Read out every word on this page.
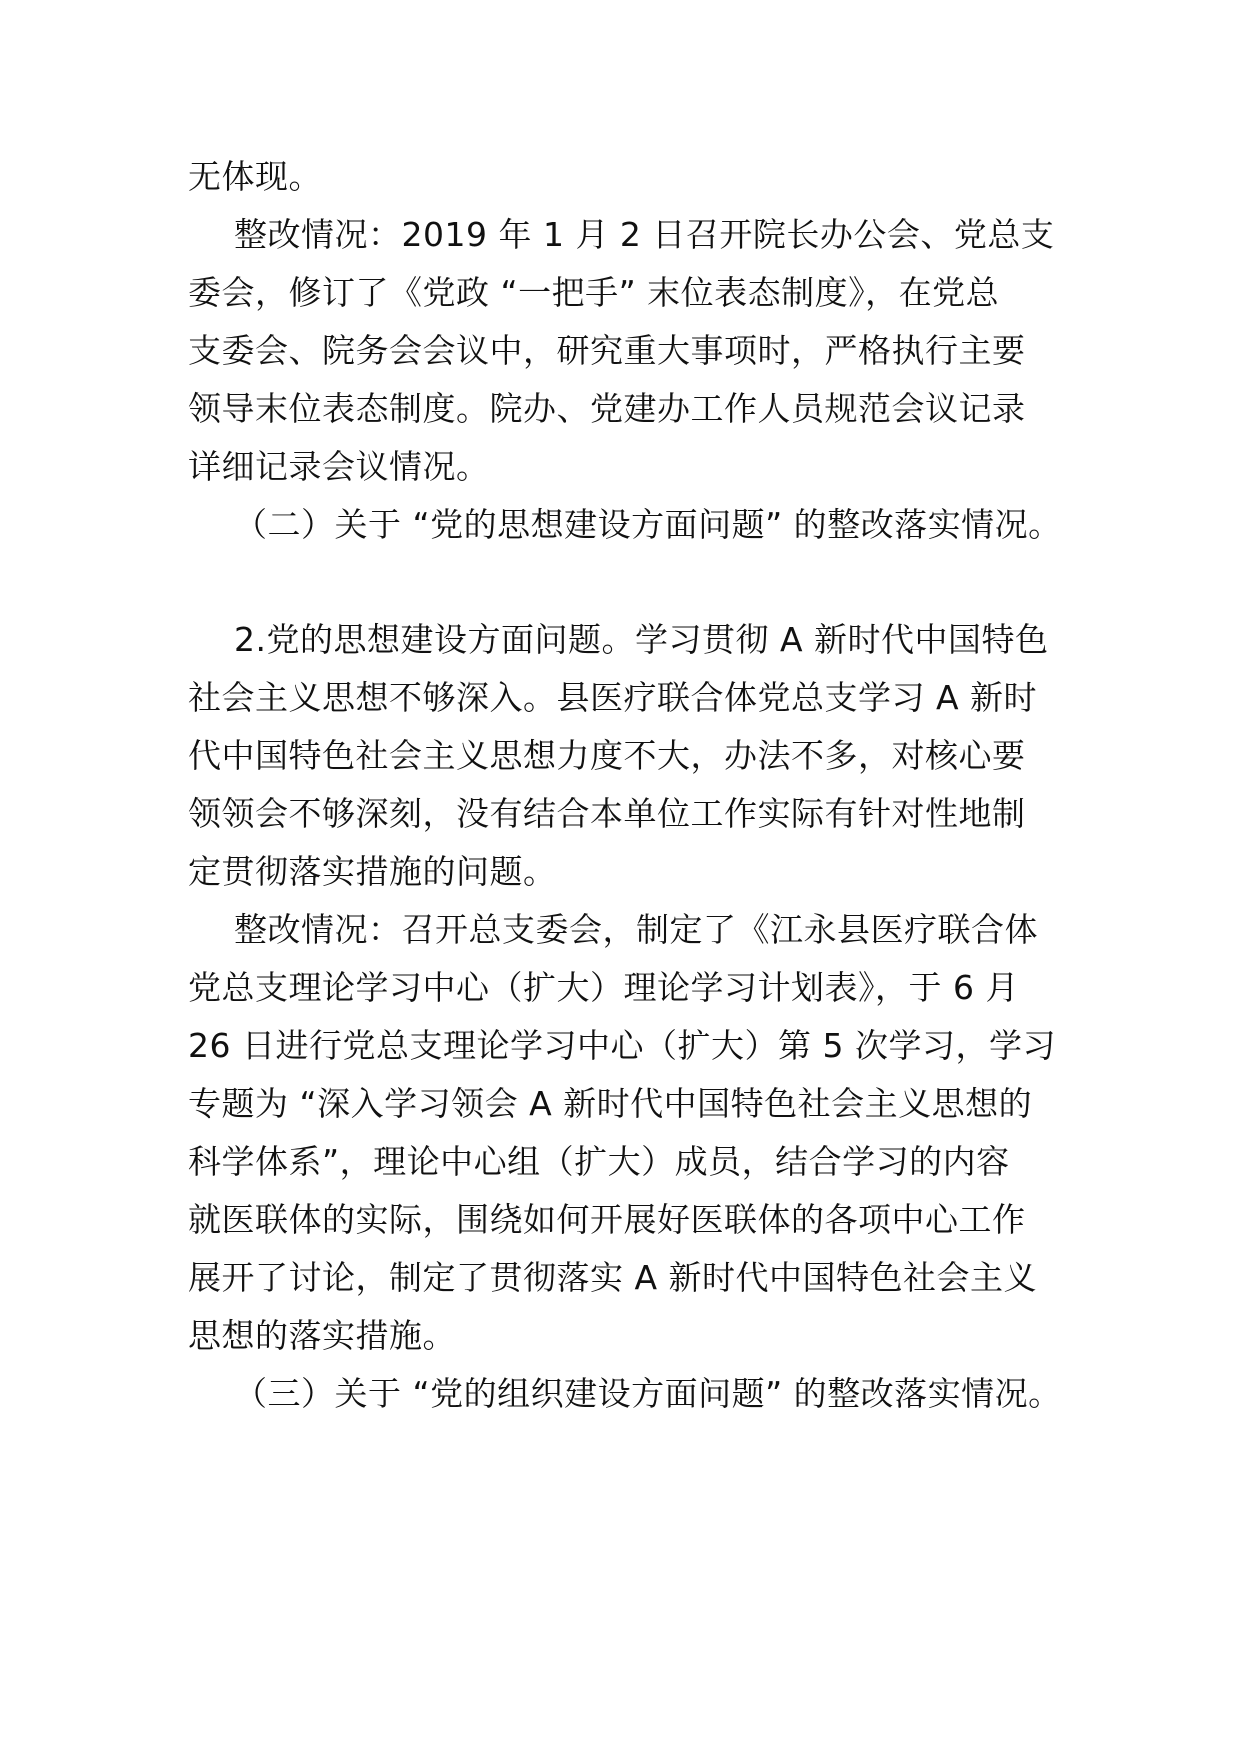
无体现。
整改情况：2019 年 1 月 2 日召开院长办公会、党总支
委会，修订了《党政 “一把手” 末位表态制度》，在党总
支委会、院务会会议中，研究重大事项时，严格执行主要
领导末位表态制度。院办、党建办工作人员规范会议记录
详细记录会议情况。
（二）关于 “党的思想建设方面问题” 的整改落实情况。
2.党的思想建设方面问题。学习贯彻 A 新时代中国特色
社会主义思想不够深入。县医疗联合体党总支学习 A 新时
代中国特色社会主义思想力度不大，办法不多，对核心要
领领会不够深刻，没有结合本单位工作实际有针对性地制
定贯彻落实措施的问题。
整改情况：召开总支委会，制定了《江永县医疗联合体
党总支理论学习中心（扩大）理论学习计划表》，于 6 月
26 日进行党总支理论学习中心（扩大）第 5 次学习，学习
专题为 “深入学习领会 A 新时代中国特色社会主义思想的
科学体系”，理论中心组（扩大）成员，结合学习的内容
就医联体的实际，围绕如何开展好医联体的各项中心工作
展开了讨论，制定了贯彻落实 A 新时代中国特色社会主义
思想的落实措施。
（三）关于 “党的组织建设方面问题” 的整改落实情况。
